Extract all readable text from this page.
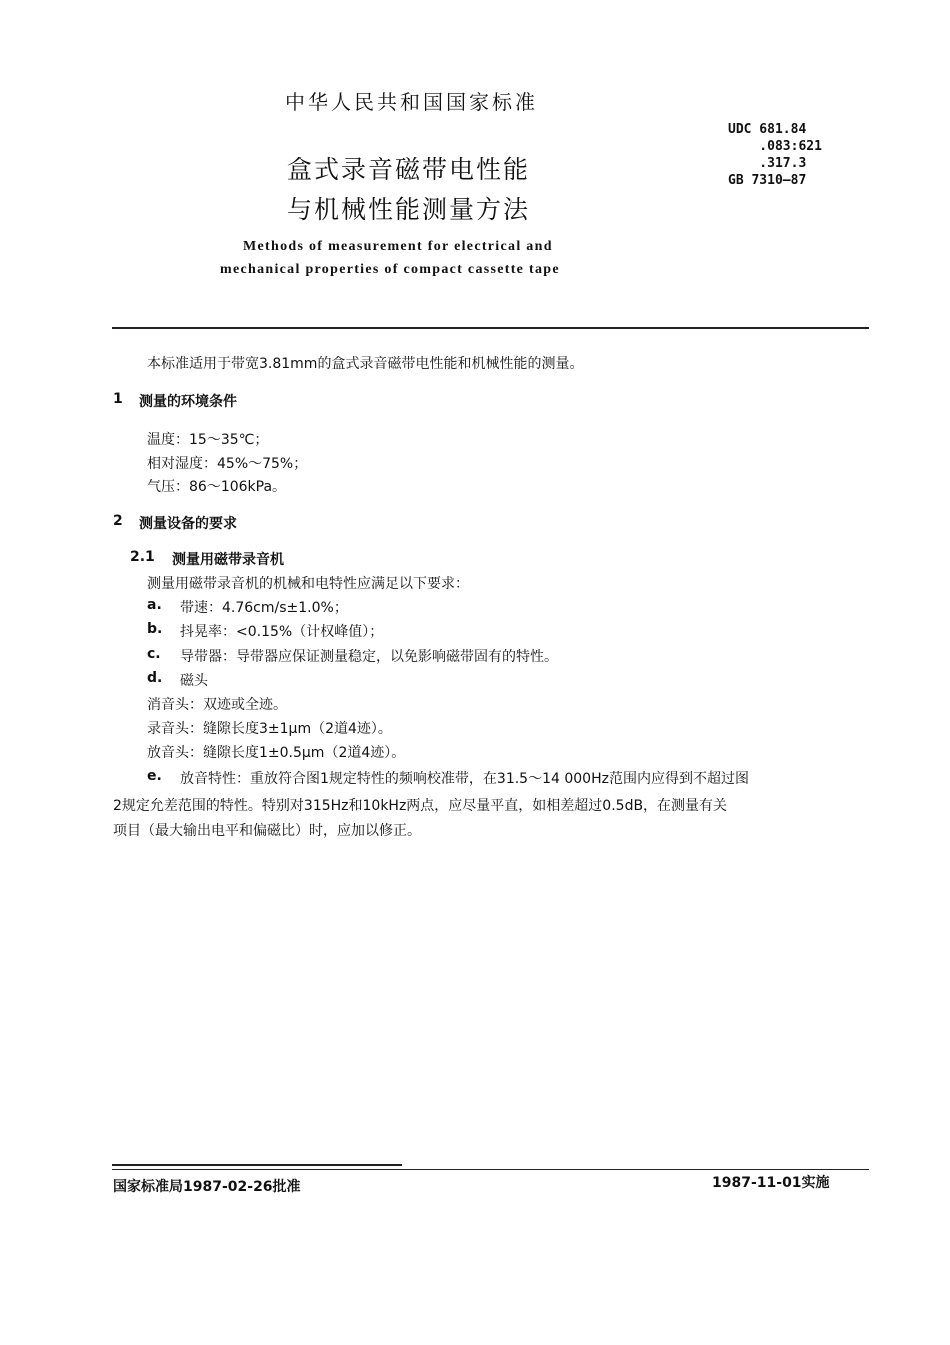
中华人民共和国国家标准
盒式录音磁带电性能
与机械性能测量方法
UDC 681.84
.083:621
.317.3
GB 7310—87
Methods of measurement for electrical and
mechanical properties of compact cassette tape
本标准适用于带宽3.81mm的盒式录音磁带电性能和机械性能的测量。
1 测量的环境条件
温度：15～35℃；
相对湿度：45%～75%；
气压：86～106kPa。
2 测量设备的要求
2.1 测量用磁带录音机
测量用磁带录音机的机械和电特性应满足以下要求：
a. 带速：4.76cm/s±1.0%；
b. 抖晃率：<0.15%（计权峰值）；
c. 导带器：导带器应保证测量稳定，以免影响磁带固有的特性。
d. 磁头
消音头：双迹或全迹。
录音头：缝隙长度3±1μm（2道4迹）。
放音头：缝隙长度1±0.5μm（2道4迹）。
e. 放音特性：重放符合图1规定特性的频响校准带，在31.5～14 000Hz范围内应得到不超过图
2规定允差范围的特性。特别对315Hz和10kHz两点，应尽量平直，如相差超过0.5dB，在测量有关
项目（最大输出电平和偏磁比）时，应加以修正。
国家标准局1987-02-26批准	1987-11-01实施
